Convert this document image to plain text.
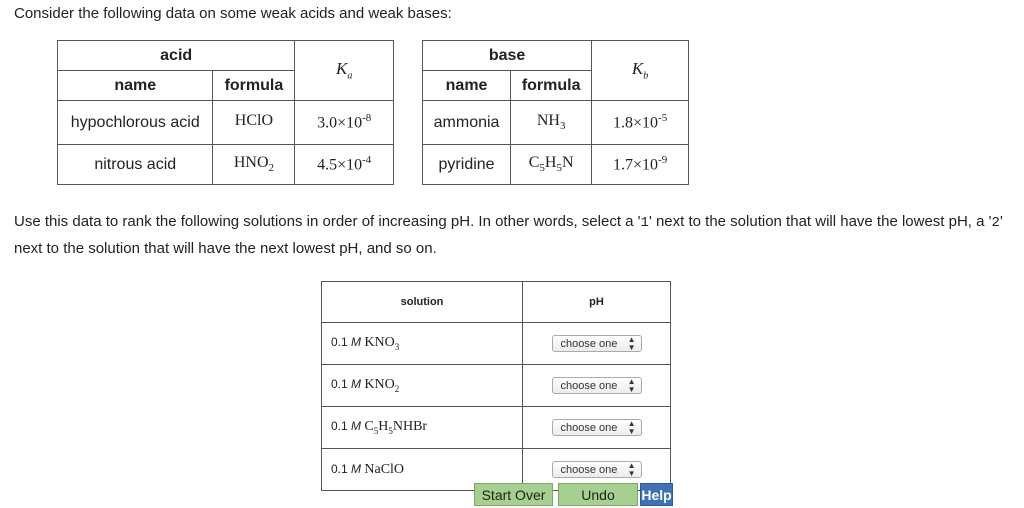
Consider the following data on some weak acids and weak bases:
acid		$K_a$
name	formula	
hypochlorous acid	HClO	$3.0\times 10^{-8}$
nitrous acid	$HNO_2$	$4.5\times 10^{-4}$
base		$K_b$
name	formula	
ammonia	$NH_3$	$1.8\times 10^{-5}$
pyridine	$C_5H_5N$	$1.7\times 10^{-9}$
Use this data to rank the following solutions in order of increasing pH. In other words, select a '1' next to the solution that will have the lowest pH, a '2' next to the solution that will have the next lowest pH, and so on.
solution	pH
0.1 M $KNO_3$	choose one ▲
▼

0.1 M $KNO_2$	choose one ▲
▼

0.1 M $C_5H_5NHBr$	choose one ▲
▼

0.1 M NaClO	choose one ▲
▼
Start Over	Undo	Help
